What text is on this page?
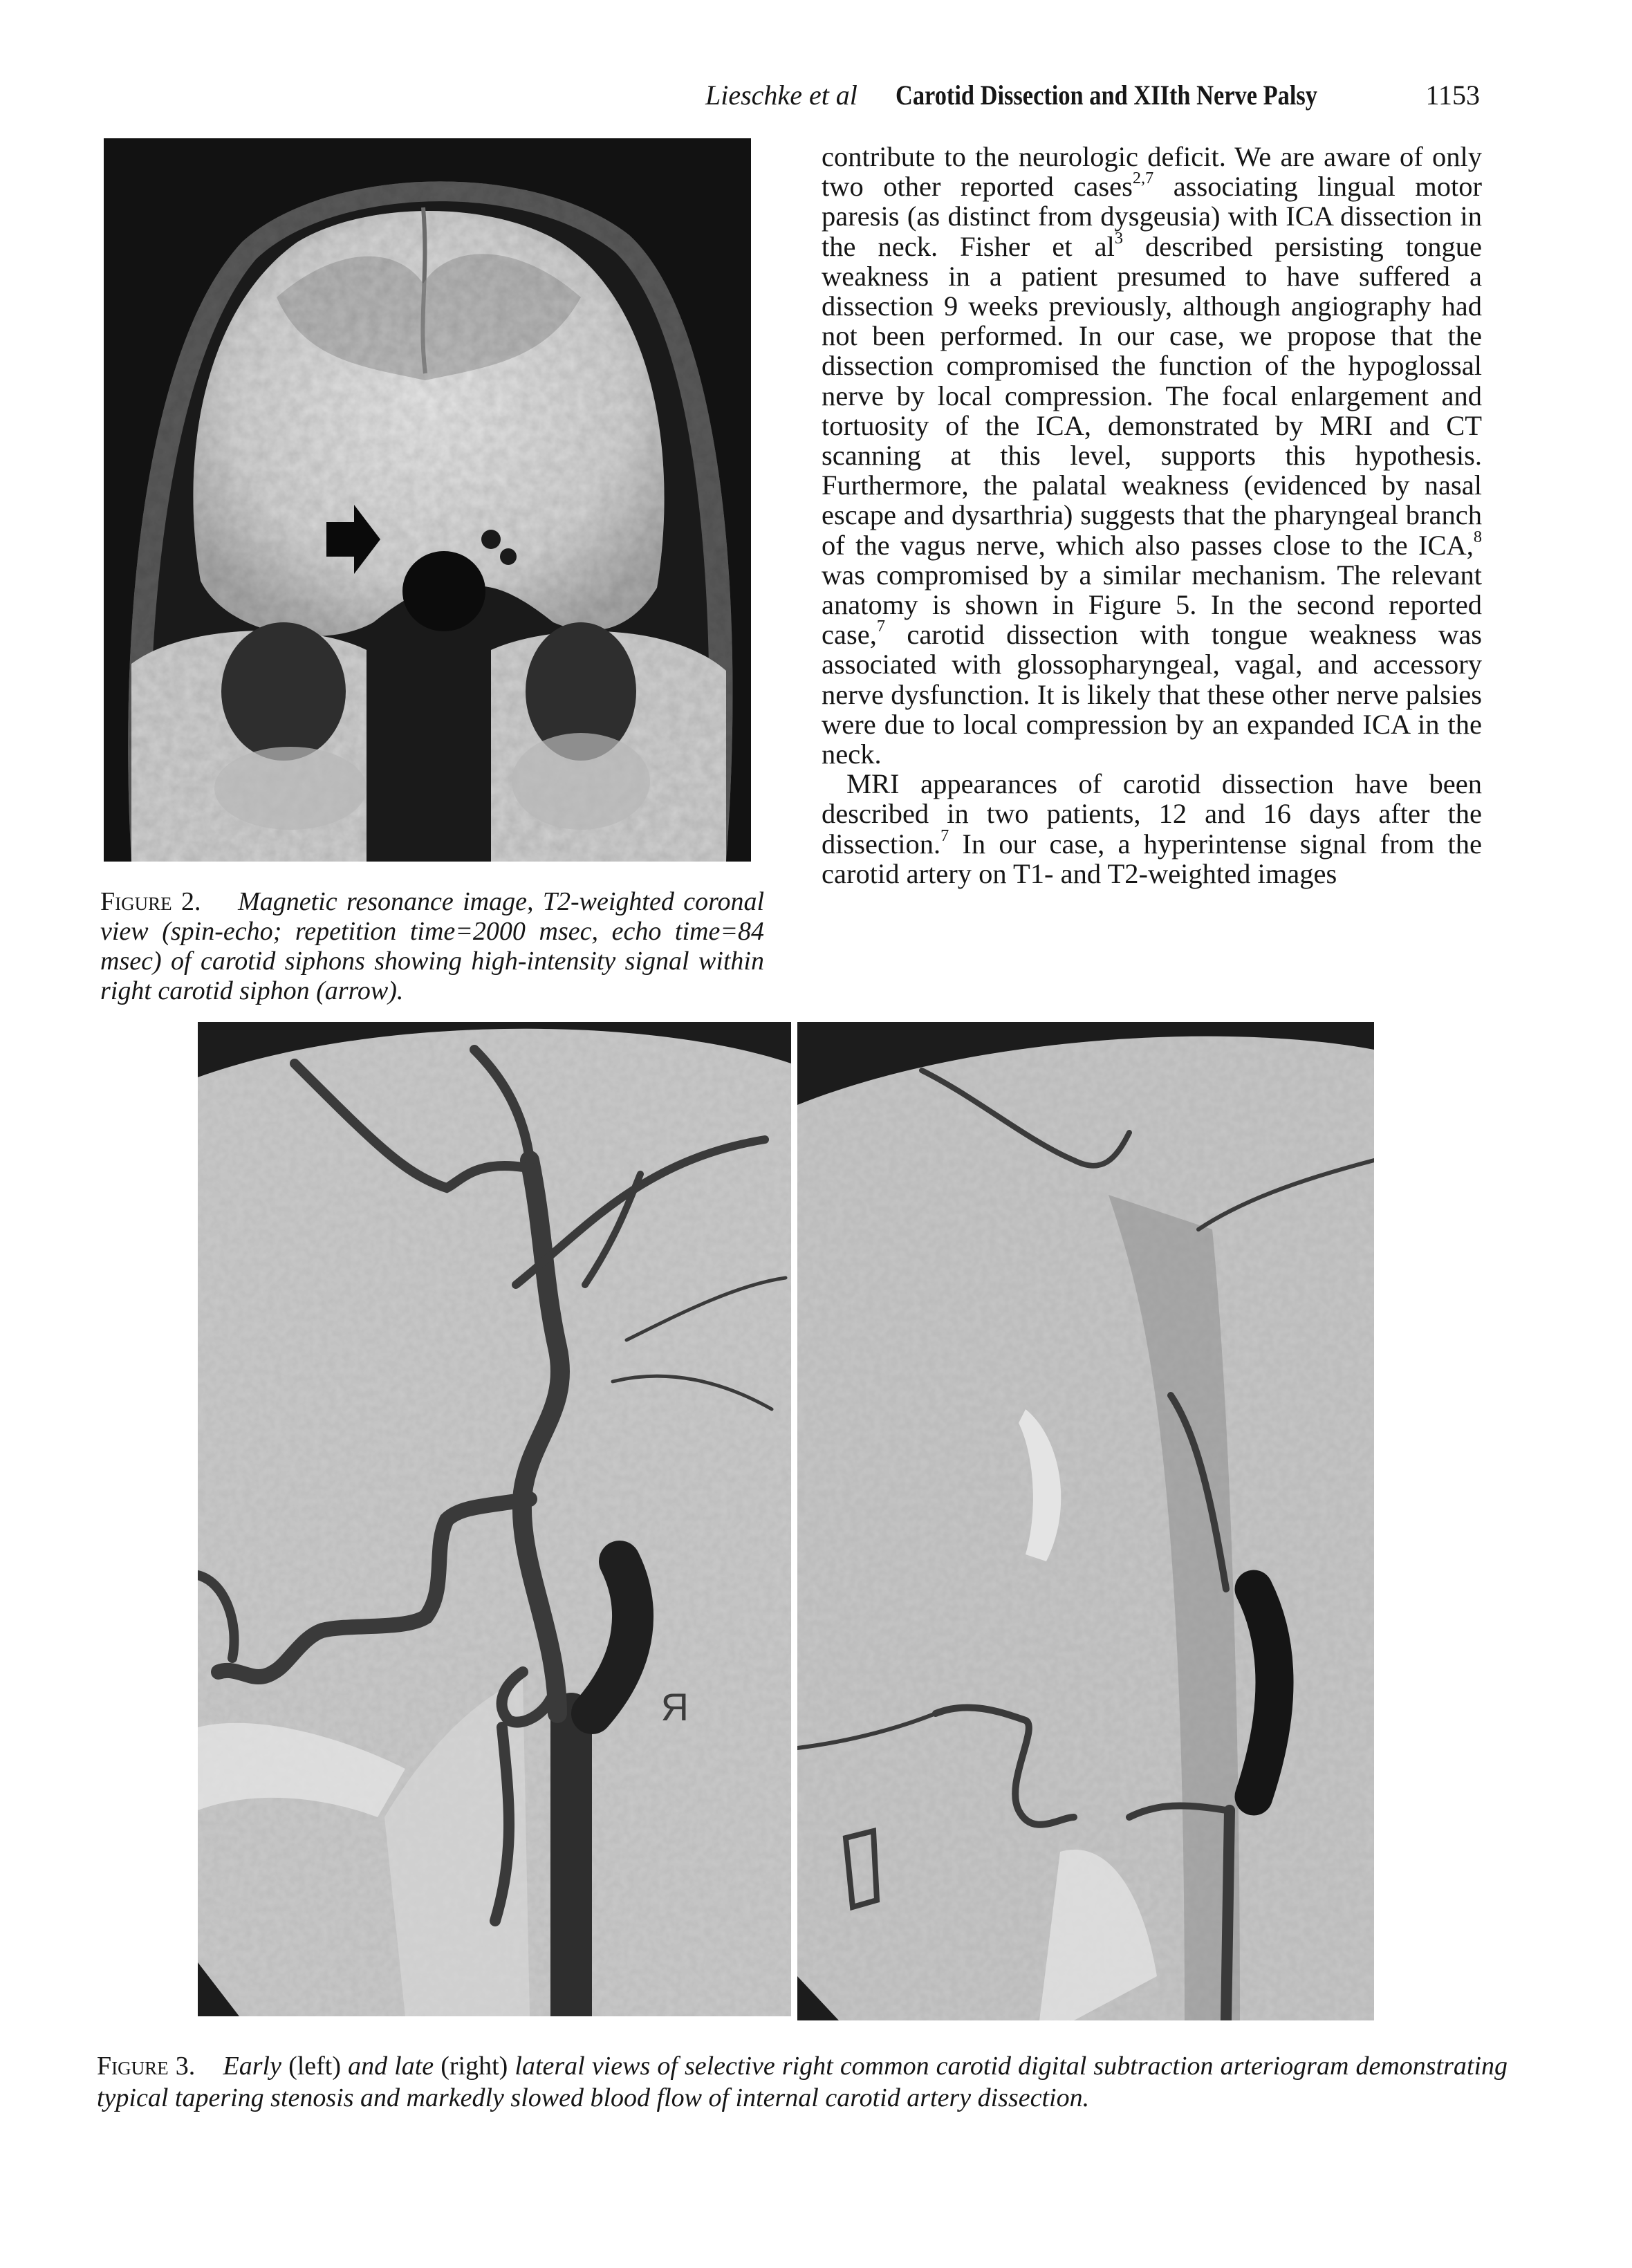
Lieschke et al Carotid Dissection and XIIth Nerve Palsy	1153
Figure 2. Magnetic resonance image, T2-weighted coronal view (spin-echo; repetition time=2000 msec, echo time=84 msec) of carotid siphons showing high-intensity signal within right carotid siphon (arrow).

contribute to the neurologic deficit. We are aware of only two other reported cases$^{2,7}$ associating lingual motor paresis (as distinct from dysgeusia) with ICA dissection in the neck. Fisher et $al^3$ described persisting tongue weakness in a patient presumed to have suffered a dissection 9 weeks previously, although angiography had not been performed. In our case, we propose that the dissection compromised the function of the hypoglossal nerve by local compression. The focal enlargement and tortuosity of the ICA, demonstrated by MRI and CT scanning at this level, supports this hypothesis. Furthermore, the palatal weakness (evidenced by nasal escape and dysarthria) suggests that the pharyngeal branch of the vagus nerve, which also passes close to the ICA,$^8$ was compromised by a similar mechanism. The relevant anatomy is shown in Figure 5. In the second reported case,$^7$ carotid dissection with tongue weakness was associated with glossopharyngeal, vagal, and accessory nerve dysfunction. It is likely that these other nerve palsies were due to local compression by an expanded ICA in the neck.

MRI appearances of carotid dissection have been described in two patients, 12 and 16 days after the dissection.$^7$ In our case, a hyperintense signal from the carotid artery on T1- and T2-weighted images

R
Figure 3. Early (left) and late (right) lateral views of selective right common carotid digital subtraction arteriogram demonstrating typical tapering stenosis and markedly slowed blood flow of internal carotid artery dissection.
